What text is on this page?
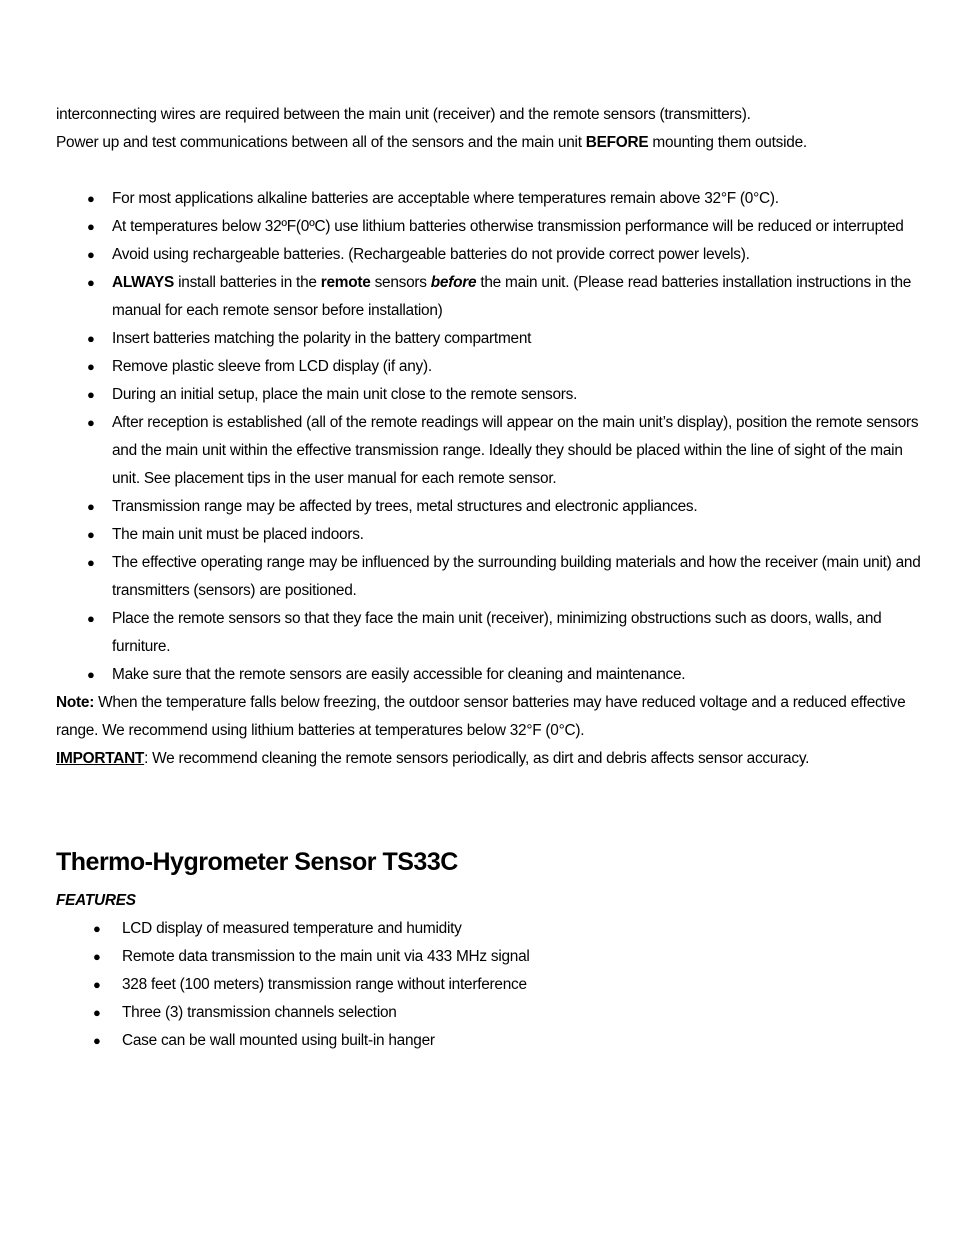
interconnecting wires are required between the main unit (receiver) and the remote sensors (transmitters).

Power up and test communications between all of the sensors and the main unit BEFORE mounting them outside.

● For most applications alkaline batteries are acceptable where temperatures remain above 32°F (0°C).
● At temperatures below 32ºF(0ºC) use lithium batteries otherwise transmission performance will be reduced or interrupted
● Avoid using rechargeable batteries. (Rechargeable batteries do not provide correct power levels).
● ALWAYS install batteries in the remote sensors before the main unit. (Please read batteries installation instructions in the manual for each remote sensor before installation)
● Insert batteries matching the polarity in the battery compartment
● Remove plastic sleeve from LCD display (if any).
● During an initial setup, place the main unit close to the remote sensors.
● After reception is established (all of the remote readings will appear on the main unit’s display), position the remote sensors and the main unit within the effective transmission range. Ideally they should be placed within the line of sight of the main unit. See placement tips in the user manual for each remote sensor.
● Transmission range may be affected by trees, metal structures and electronic appliances.
● The main unit must be placed indoors.
● The effective operating range may be influenced by the surrounding building materials and how the receiver (main unit) and transmitters (sensors) are positioned.
● Place the remote sensors so that they face the main unit (receiver), minimizing obstructions such as doors, walls, and furniture.
● Make sure that the remote sensors are easily accessible for cleaning and maintenance.

Note: When the temperature falls below freezing, the outdoor sensor batteries may have reduced voltage and a reduced effective range. We recommend using lithium batteries at temperatures below 32°F (0°C).

IMPORTANT: We recommend cleaning the remote sensors periodically, as dirt and debris affects sensor accuracy.

Thermo-Hygrometer Sensor TS33C

FEATURES

● LCD display of measured temperature and humidity
● Remote data transmission to the main unit via 433 MHz signal
● 328 feet (100 meters) transmission range without interference
● Three (3) transmission channels selection
● Case can be wall mounted using built-in hanger
